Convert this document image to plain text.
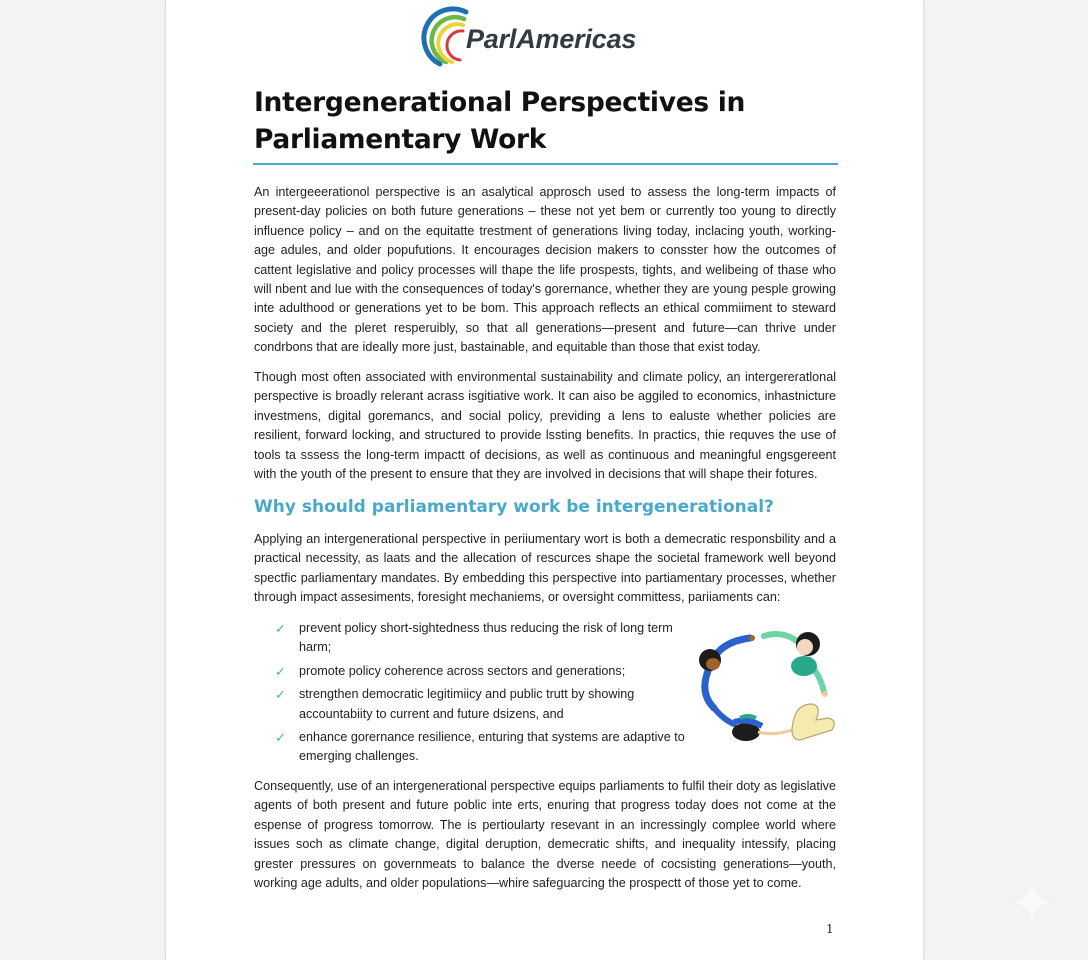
ParlAmericas
Intergenerational Perspectives in Parliamentary Work

An intergeeerationol perspective is an asalytical approsch used to assess the long-term impacts of present-day policies on both future generations – these not yet bem or currently too young to directly influence policy – and on the equitatte trestment of generations living today, inclacing youth, working-age adules, and older popufutions. It encourages decision makers to consster how the outcomes of cattent legislative and policy processes will thape the life prospests, tights, and welibeing of thase who will nbent and lue with the consequences of today's gorernance, whether they are young pesple growing inte adulthood or generations yet to be bom. This approach reflects an ethical commiiment to steward society and the pleret resperuibly, so that all generations—present and future—can thrive under condrbons that are ideally more just, bastainable, and equitable than those that exist today.

Though most often associated with environmental sustainability and climate policy, an intergereratlonal perspective is broadly relerant acrass isgitiative work. It can aiso be aggiled to economics, inhastnicture investmens, digital goremancs, and social policy, previding a lens to ealuste whether policies are resilient, forward locking, and structured to provide lssting benefits. In practics, thie requves the use of tools ta sssess the long-term impactt of decisions, as well as continuous and meaningful engsgereent with the youth of the present to ensure that they are involved in decisions that will shape their fotures.

Why should parliamentary work be intergenerational?

Applying an intergenerational perspective in periiumentary wort is both a demecratic responsbility and a practical necessity, as laats and the allecation of rescurces shape the societal framework well beyond spectfic parliamentary mandates. By embedding this perspective into partiamentary processes, whether through impact assesiments, foresight mechaniems, or oversight committess, pariiaments can:

✓ prevent policy short-sightedness thus reducing the risk of long term harm;
✓ promote policy coherence across sectors and generations;
✓ strengthen democratic legitimiicy and public trutt by showing accountabiity to current and future dsizens, and
✓ enhance gorernance resilience, enturing that systems are adaptive to emerging challenges.

Consequently, use of an intergenerational perspective equips parliaments to fulfil their doty as legislative agents of both present and future poblic inte erts, enuring that progress today does not come at the espense of progress tomorrow. The is pertioularty resevant in an incressingly complee world where issues soch as climate change, digital deruption, demecratic shifts, and inequality intessify, placing grester pressures on governmeats to balance the dverse neede of cocsisting generations—youth, working age adults, and older populations—whire safeguarcing the prospectt of those yet to come.

1
